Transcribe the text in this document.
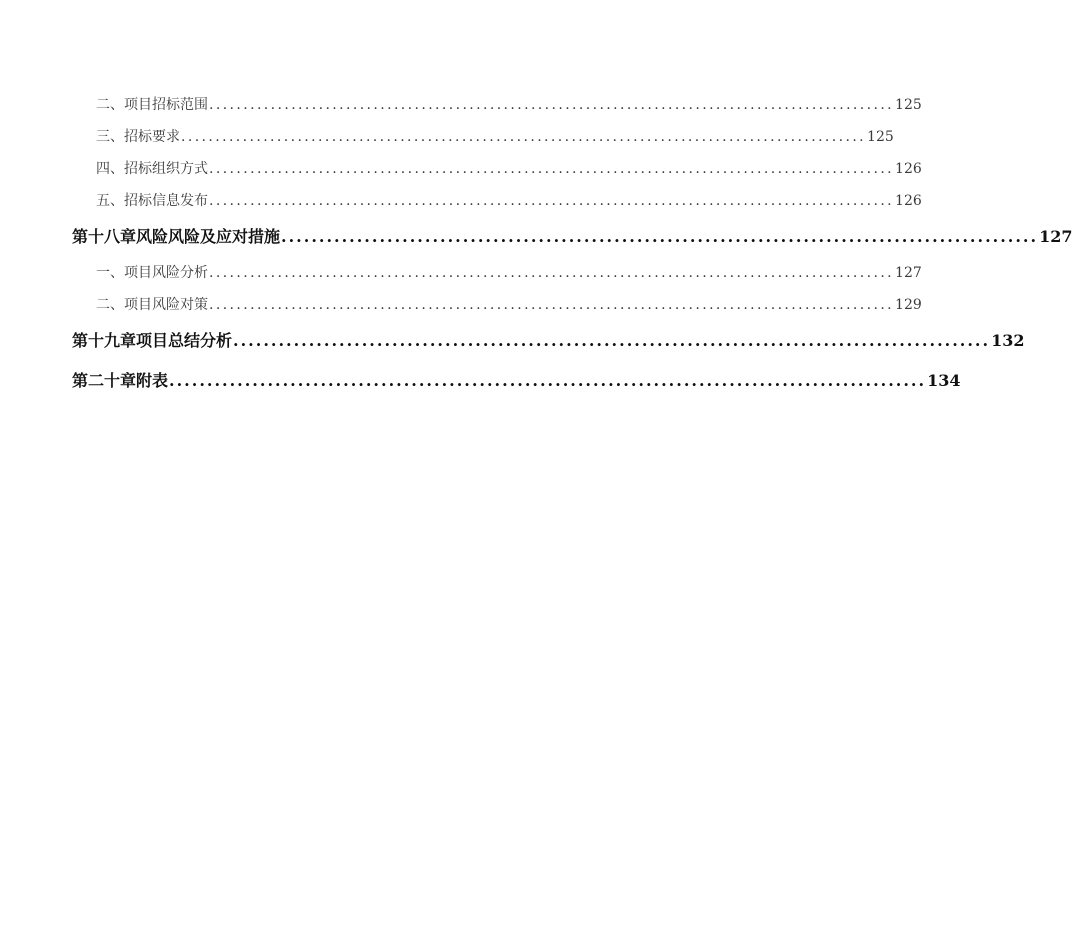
二、 项目招标范围 .................................................................................................... 125
三、 招标要求 .................................................................................................... 125
四、 招标组织方式 .................................................................................................... 126
五、 招标信息发布 .................................................................................................... 126
第十八章 风险风险及应对措施 .................................................................................................... 127
一、 项目风险分析 .................................................................................................... 127
二、 项目风险对策 .................................................................................................... 129
第十九章 项目总结分析 .................................................................................................... 132
第二十章 附表 .................................................................................................... 134
